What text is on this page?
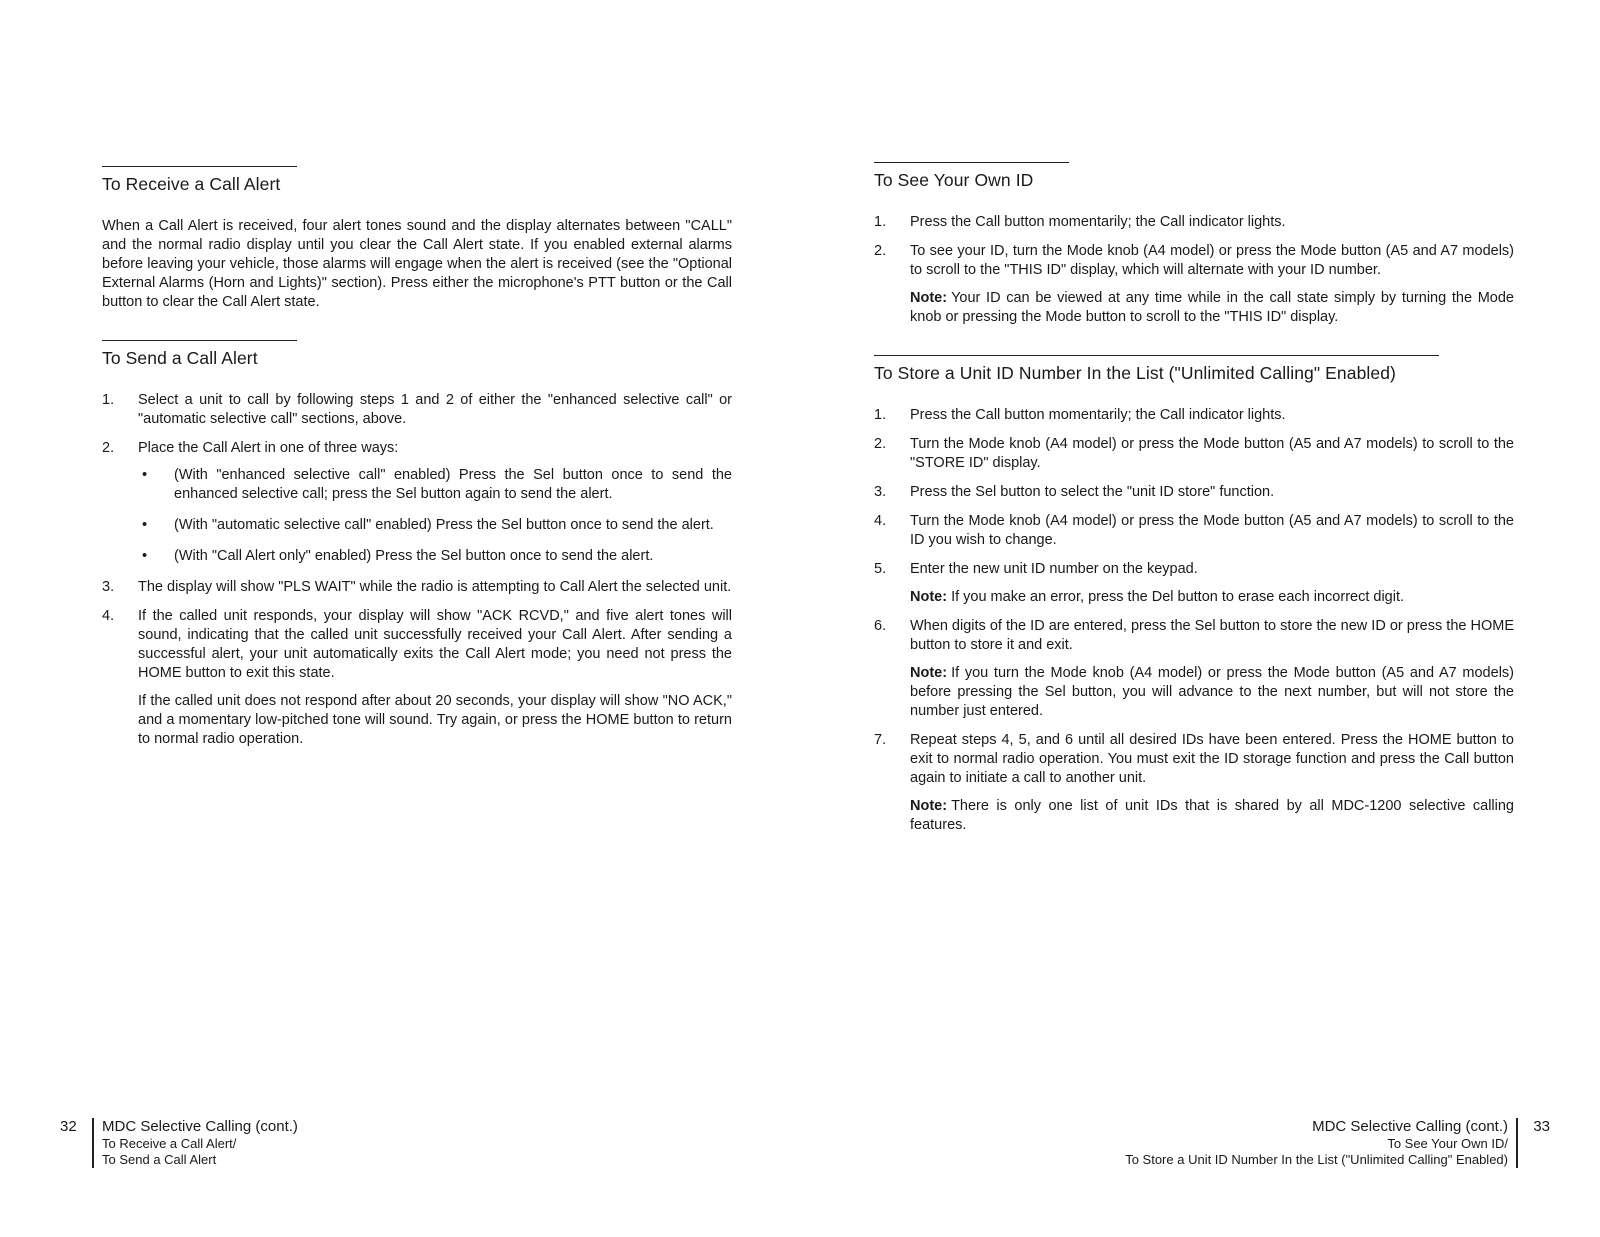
To Receive a Call Alert

When a Call Alert is received, four alert tones sound and the display alternates between "CALL" and the normal radio display until you clear the Call Alert state. If you enabled external alarms before leaving your vehicle, those alarms will engage when the alert is received (see the "Optional External Alarms (Horn and Lights)" section). Press either the microphone's PTT button or the Call button to clear the Call Alert state.

To Send a Call Alert
1. Select a unit to call by following steps 1 and 2 of either the "enhanced selective call" or "automatic selective call" sections, above.
2. Place the Call Alert in one of three ways:
• (With "enhanced selective call" enabled) Press the Sel button once to send the enhanced selective call; press the Sel button again to send the alert.
• (With "automatic selective call" enabled) Press the Sel button once to send the alert.
• (With "Call Alert only" enabled) Press the Sel button once to send the alert.
3. The display will show "PLS WAIT" while the radio is attempting to Call Alert the selected unit.
4. If the called unit responds, your display will show "ACK RCVD," and five alert tones will sound, indicating that the called unit successfully received your Call Alert. After sending a successful alert, your unit automatically exits the Call Alert mode; you need not press the HOME button to exit this state.
If the called unit does not respond after about 20 seconds, your display will show "NO ACK," and a momentary low-pitched tone will sound. Try again, or press the HOME button to return to normal radio operation.
32	MDC Selective Calling (cont.)
To Receive a Call Alert/
To Send a Call Alert
To See Your Own ID
1. Press the Call button momentarily; the Call indicator lights.
2. To see your ID, turn the Mode knob (A4 model) or press the Mode button (A5 and A7 models) to scroll to the "THIS ID" display, which will alternate with your ID number.
Note: Your ID can be viewed at any time while in the call state simply by turning the Mode knob or pressing the Mode button to scroll to the "THIS ID" display.
To Store a Unit ID Number In the List ("Unlimited Calling" Enabled)
1. Press the Call button momentarily; the Call indicator lights.
2. Turn the Mode knob (A4 model) or press the Mode button (A5 and A7 models) to scroll to the "STORE ID" display.
3. Press the Sel button to select the "unit ID store" function.
4. Turn the Mode knob (A4 model) or press the Mode button (A5 and A7 models) to scroll to the ID you wish to change.
5. Enter the new unit ID number on the keypad.
Note: If you make an error, press the Del button to erase each incorrect digit.
6. When digits of the ID are entered, press the Sel button to store the new ID or press the HOME button to store it and exit.
Note: If you turn the Mode knob (A4 model) or press the Mode button (A5 and A7 models) before pressing the Sel button, you will advance to the next number, but will not store the number just entered.
7. Repeat steps 4, 5, and 6 until all desired IDs have been entered. Press the HOME button to exit to normal radio operation. You must exit the ID storage function and press the Call button again to initiate a call to another unit.
Note: There is only one list of unit IDs that is shared by all MDC-1200 selective calling features.
MDC Selective Calling (cont.)
To See Your Own ID/
To Store a Unit ID Number In the List ("Unlimited Calling" Enabled)
33
